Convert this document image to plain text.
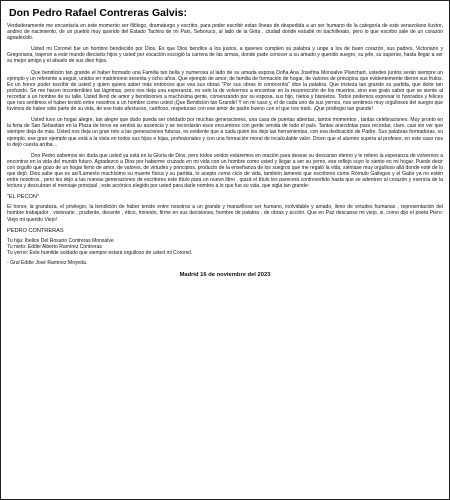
Don Pedro Rafael Contreras Galvis:

Verdaderamente me encantaría en este momento ser filólogo, dramaturgo y escritor, para poder escribir estas líneas de despedida a un ser humano de la categoría de este venezolano ilustre, andino de nacimiento, de un pueblo muy querido del Estado Tachira de mi País, Seboruco, al lado de la Grita , ciudad donde estudié mi bachillerato, pero lo que escribo sale de un corazón agradecido.

Usted mi Coronel fue un hombre bendecido por Dios. Es que Dios bendice a los justos, a quienes cumplen su palabra y unge a los de buen corazón, sus padres, Victoriano y Gregoriana, trajeron a este mundo dieciséis hijos y usted por vocación escogió la carrera de las armas, donde pude conocer a su amado y querido suegro, su jefe, su superior, hasta llegar a ser su mejor amigo y el abuelo de sus diez hijos.

Que bendición tan grande el haber formado una Familia tan bella y numerosa al lado de su amada esposa Doña Ana Josefina Monsalve Planchart, ustedes juntos serán siempre un ejemplo y un referente a seguir, unidos en matrimonio sesenta y ocho años. Que ejemplo de amor, de familia de formación de hogar, de valores de principios que evidentemente dieron sus frutos. Es un honor poder escribir de usted y quien quiera saber más entonces que vea sus obras “Por sus obras lo conoceréis” dice la palabra. Que tristeza tan grande su partida, que dolor tan profundo. Se me hacen incontenibles las lágrimas, pero nos deja una esperanza, no solo la de volvernos a encontrar en la resurrección de los muertos, sino ese grato sabor que se siente al recordar a un hombre de su talle. Usted llenó de amor y bendiciones a muchísima gente, comenzando por su esposa, sus hijo, nietos y bisnietos. Todos podemos expresar lo honrados y felices que nos sentimos el haber tenido entre nosotros a un hombre como usted ¡Que Bendición tan Grande! Y en mi caso y, el de cada uno de sus yernos, nos sentimos muy orgullosos del suegro que tuvimos de haber sido parte de su vida, de ese trato afectuoso, cariñoso, respetuoso con ese amor de padre bueno con el que nos trató. ¡Que privilegio tan grande!

Usted tuvo un hogar alegre, tan alegre que dudo pueda ser olvidado por muchas generaciones, una casa de puertas abiertas, tantos momentos , tantas celebraciones. Muy pronto en la feria de San Sebastian en la Plaza de toros se sentirá su ausencia y se recordarán esos encuentros con gente venida de todo el país. Tantas anécdotas para recordar, claro, casi sin ver que siempre deja de más. Usted nos deja un gran reto a las generaciones futuras, es evidente que a cada quien les dejo las herramientas, con esa dedicación de Padre. Sus palabras formadoras, su ejemplo, ese gran ejemplo que está a la vista en todos sus hijos e hijas, profesionales y con una formación moral de incalculable valor. Dicen que el alumno supera al profesor, en este caso nos lo dejó cuesta arriba…

Don Pedro sabemos sin duda que usted ya está en la Gloria de Dios, pero todos unidos estaremos en oración para desear su descanso eterno y le reitero la esperanza de volvernos a encontrar en la vida del mundo futuro. Agradezco a Dios por haberme cruzado en mi vida con un hombre como usted y llegar a ser su yerno, ese reflejo suyo lo siento en mi hogar. Puedo decir con orgullo que gozo de un hogar lleno de amor, de valores, de virtudes y principios, producto de la enseñanza de los suegros que me regaló la vida, siéntase muy orgulloso allá donde esté de lo que dejó. Dios sabe que es así!Lamento muchísimo su muerte física y su partida, lo acepto como ciclo de vida, también lamento que escritores como Rómulo Gallegos y el Gabo ya no estén entre nosotros , pero les dejo a las nuevas generaciones de escritores este título para un nuevo libro , quizá el título les parecerá controvertido hasta que se adentren al corazón y esencia de la lectura y descubran el mensaje principal , este acrónico elegido por usted para darle nombre a lo que fue su vida, que sigla tan grande:

“EL PECON”

El honor, la grandeza, el privilegio, la bendición de haber tenido entre nosotros a un grande y maravilloso ser humano, inolvidable y amado, lleno de virtudes humanas , representación del hombre trabajador , visionario , prudente, decente , ético, honesto, firme en sus decisiones, hombre de palabra , de obras y acción. Que en Paz descanse mi viejo, si, como dijo el poeta Piero: Viejo mi querido Viejo!

PEDRO CONTRERAS

Tu hija: Ibelice Del Rosario Contreras Monsalve

Tu nieto: Eddie Alberto Ramírez Contreras

Tu yerno: Este humilde soldado que siempre estará orgulloso de usted mi Coronel.

- Gral Eddie José Ramírez Moyeda.

Madrid 16 de noviembre del 2023
